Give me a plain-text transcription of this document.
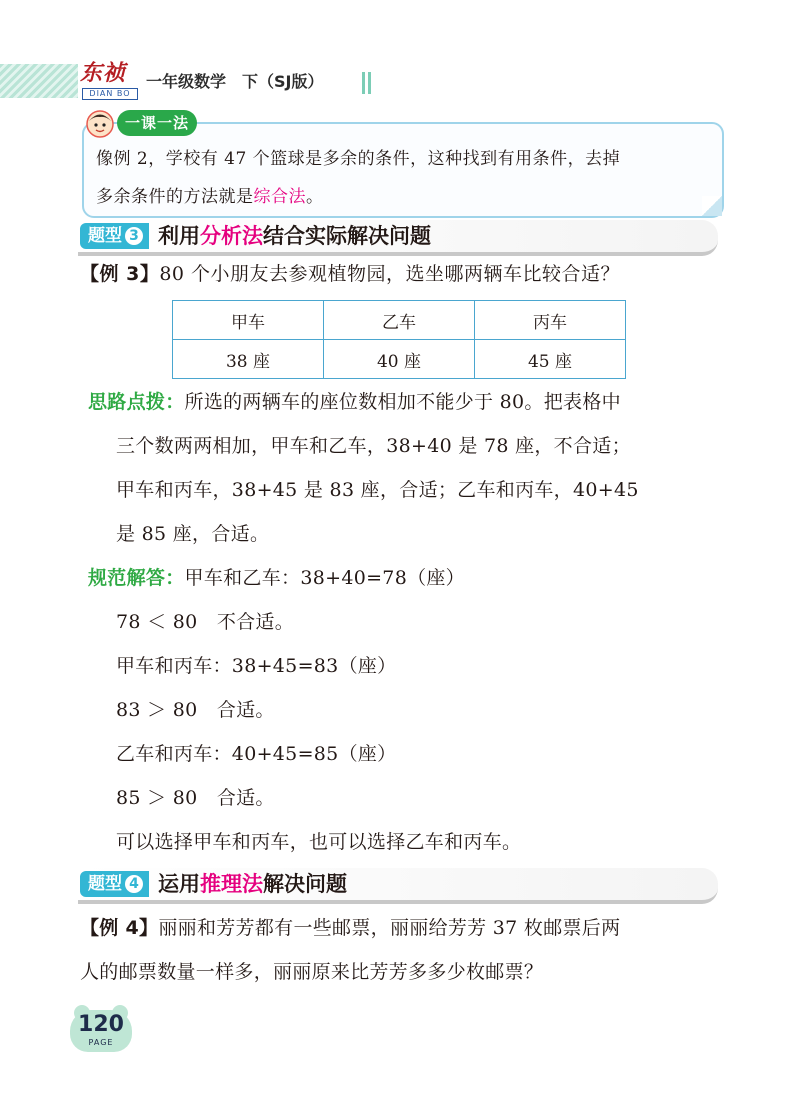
东祯
DIAN BO
一年级数学　下（SJ版）
一课一法
像例 2，学校有 47 个篮球是多余的条件，这种找到有用条件，去掉
多余条件的方法就是综合法。
题型 3 利用分析法结合实际解决问题
【例 3】80 个小朋友去参观植物园，选坐哪两辆车比较合适？
甲车	乙车	丙车
38 座	40 座	45 座
思路点拨：所选的两辆车的座位数相加不能少于 80。把表格中
三个数两两相加，甲车和乙车，38+40 是 78 座，不合适；
甲车和丙车，38+45 是 83 座，合适；乙车和丙车，40+45
是 85 座，合适。
规范解答：甲车和乙车：38+40=78（座）
78 ＜ 80　不合适。
甲车和丙车：38+45=83（座）
83 ＞ 80　合适。
乙车和丙车：40+45=85（座）
85 ＞ 80　合适。
可以选择甲车和丙车，也可以选择乙车和丙车。
题型 4 运用推理法解决问题
【例 4】丽丽和芳芳都有一些邮票，丽丽给芳芳 37 枚邮票后两
人的邮票数量一样多，丽丽原来比芳芳多多少枚邮票？
120
PAGE
